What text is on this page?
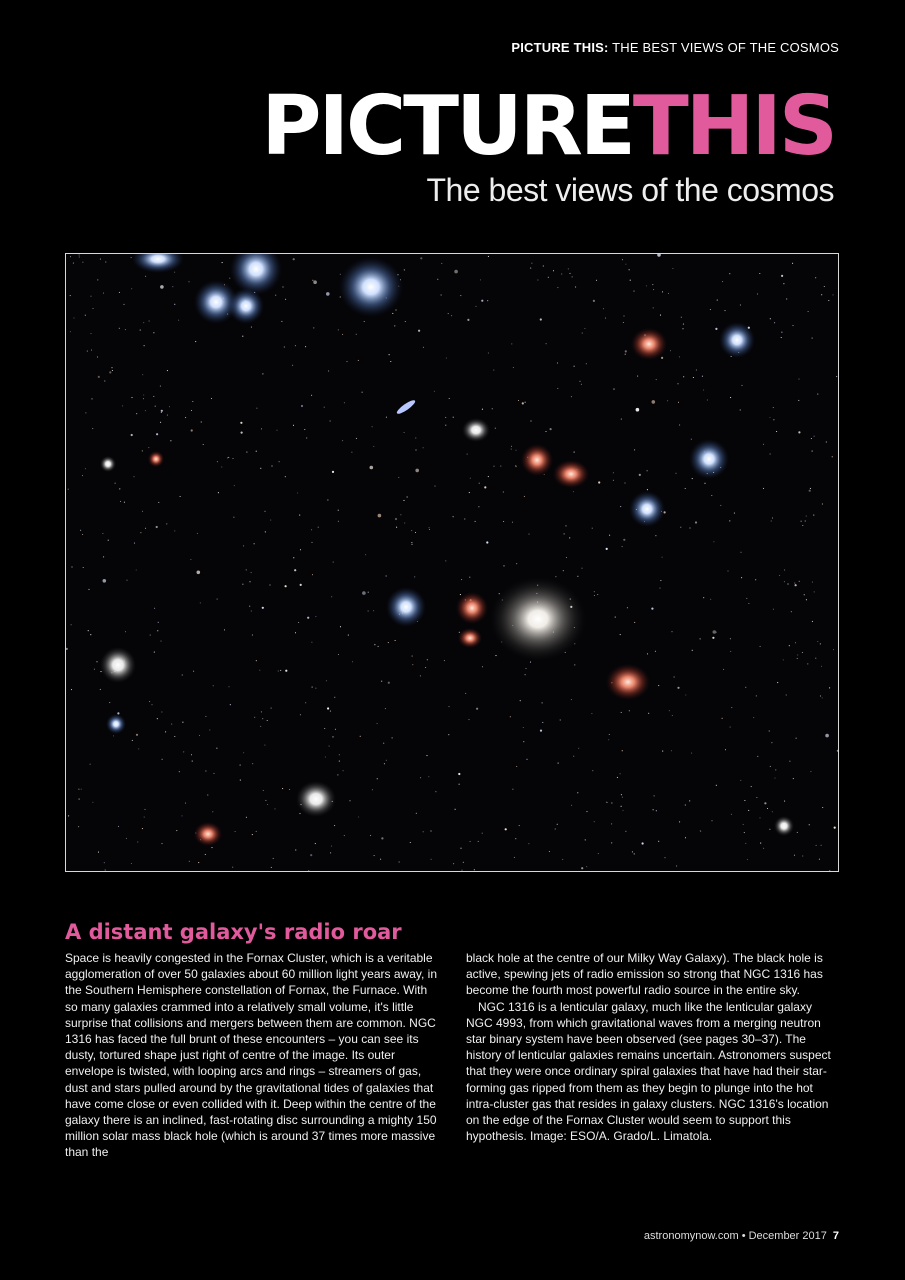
PICTURE THIS: THE BEST VIEWS OF THE COSMOS
PICTURETHIS
The best views of the cosmos
A distant galaxy's radio roar

Space is heavily congested in the Fornax Cluster, which is a veritable agglomeration of over 50 galaxies about 60 million light years away, in the Southern Hemisphere constellation of Fornax, the Furnace. With so many galaxies crammed into a relatively small volume, it's little surprise that collisions and mergers between them are common. NGC 1316 has faced the full brunt of these encounters – you can see its dusty, tortured shape just right of centre of the image. Its outer envelope is twisted, with looping arcs and rings – streamers of gas, dust and stars pulled around by the gravitational tides of galaxies that have come close or even collided with it. Deep within the centre of the galaxy there is an inclined, fast-rotating disc surrounding a mighty 150 million solar mass black hole (which is around 37 times more massive than the

black hole at the centre of our Milky Way Galaxy). The black hole is active, spewing jets of radio emission so strong that NGC 1316 has become the fourth most powerful radio source in the entire sky.

NGC 1316 is a lenticular galaxy, much like the lenticular galaxy NGC 4993, from which gravitational waves from a merging neutron star binary system have been observed (see pages 30–37). The history of lenticular galaxies remains uncertain. Astronomers suspect that they were once ordinary spiral galaxies that have had their star-forming gas ripped from them as they begin to plunge into the hot intra-cluster gas that resides in galaxy clusters. NGC 1316's location on the edge of the Fornax Cluster would seem to support this hypothesis. Image: ESO/A. Grado/L. Limatola.

astronomynow.com • December 2017 7
